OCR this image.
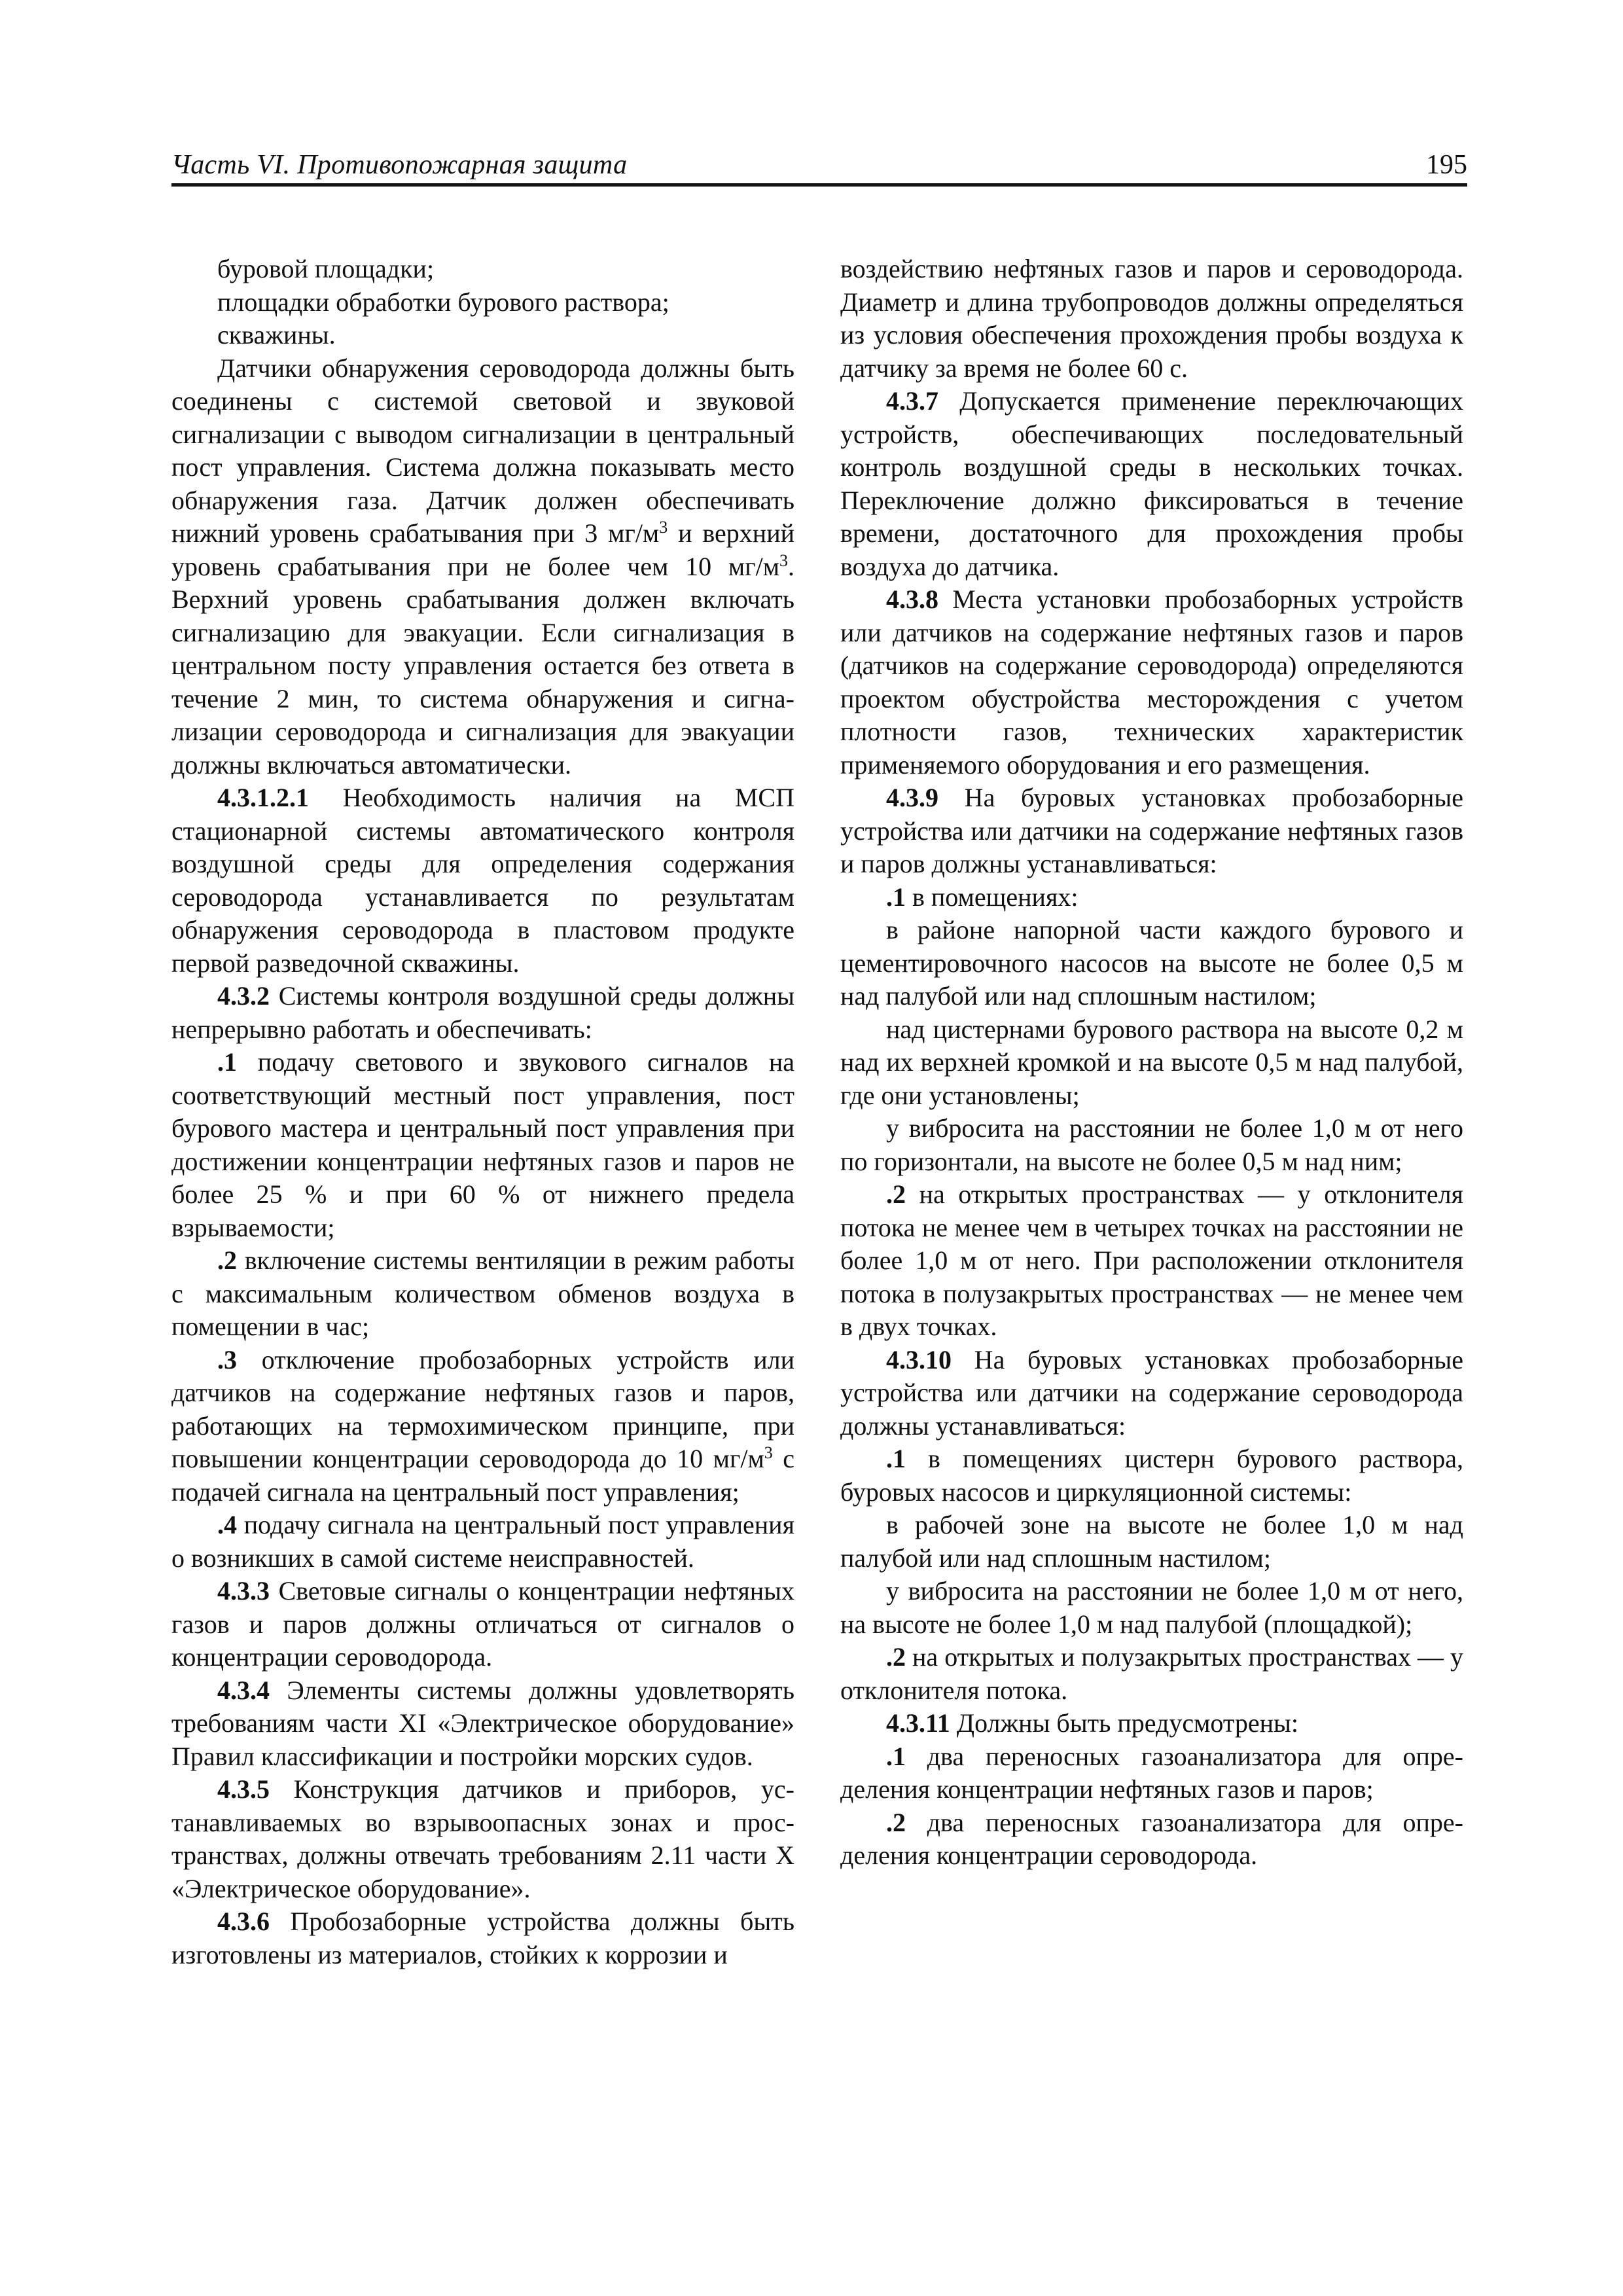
Часть VI. Противопожарная защита	195

буровой площадки;

площадки обработки бурового раствора;

скважины.

Датчики обнаружения сероводорода должны быть соединены с системой световой и звуковой сигнализации с выводом сигнализации в центральный пост управления. Система должна показывать место обнаружения газа. Датчик должен обеспечивать нижний уровень срабатывания при 3 $мг/м^3$ и верхний уровень срабатывания при не более чем 10 $мг/м^3$. Верхний уровень срабатывания должен включать сигнализацию для эвакуации. Если сигнализация в центральном посту управления остается без ответа в течение 2 мин, то система обнаружения и сигнализации сероводорода и сигнализация для эвакуации должны включаться автоматически.

4.3.1.2.1 Необходимость наличия на МСП стационарной системы автоматического контроля воздушной среды для определения содержания сероводорода устанавливается по результатам обнаружения сероводорода в пластовом продукте первой разведочной скважины.

4.3.2 Системы контроля воздушной среды должны непрерывно работать и обеспечивать:

.1 подачу светового и звукового сигналов на соответствующий местный пост управления, пост бурового мастера и центральный пост управления при достижении концентрации нефтяных газов и паров не более 25 % и при 60 % от нижнего предела взрываемости;

.2 включение системы вентиляции в режим работы с максимальным количеством обменов воздуха в помещении в час;

.3 отключение пробозаборных устройств или датчиков на содержание нефтяных газов и паров, работающих на термохимическом принципе, при повышении концентрации сероводорода до 10 $мг/м^3$ с подачей сигнала на центральный пост управления;

.4 подачу сигнала на центральный пост управления о возникших в самой системе неисправностей.

4.3.3 Световые сигналы о концентрации нефтяных газов и паров должны отличаться от сигналов о концентрации сероводорода.

4.3.4 Элементы системы должны удовлетворять требованиям части XI «Электрическое оборудование» Правил классификации и постройки морских судов.

4.3.5 Конструкция датчиков и приборов, устанавливаемых во взрывоопасных зонах и пространствах, должны отвечать требованиям 2.11 части X «Электрическое оборудование».

4.3.6 Пробозаборные устройства должны быть изготовлены из материалов, стойких к коррозии и

воздействию нефтяных газов и паров и сероводорода. Диаметр и длина трубопроводов должны определяться из условия обеспечения прохождения пробы воздуха к датчику за время не более 60 с.

4.3.7 Допускается применение переключающих устройств, обеспечивающих последовательный контроль воздушной среды в нескольких точках. Переключение должно фиксироваться в течение времени, достаточного для прохождения пробы воздуха до датчика.

4.3.8 Места установки пробозаборных устройств или датчиков на содержание нефтяных газов и паров (датчиков на содержание сероводорода) определяются проектом обустройства месторождения с учетом плотности газов, технических характеристик применяемого оборудования и его размещения.

4.3.9 На буровых установках пробозаборные устройства или датчики на содержание нефтяных газов и паров должны устанавливаться:

.1 в помещениях:

в районе напорной части каждого бурового и цементировочного насосов на высоте не более 0,5 м над палубой или над сплошным настилом;

над цистернами бурового раствора на высоте 0,2 м над их верхней кромкой и на высоте 0,5 м над палубой, где они установлены;

у вибросита на расстоянии не более 1,0 м от него по горизонтали, на высоте не более 0,5 м над ним;

.2 на открытых пространствах — у отклонителя потока не менее чем в четырех точках на расстоянии не более 1,0 м от него. При расположении отклонителя потока в полузакрытых пространствах — не менее чем в двух точках.

4.3.10 На буровых установках пробозаборные устройства или датчики на содержание сероводорода должны устанавливаться:

.1 в помещениях цистерн бурового раствора, буровых насосов и циркуляционной системы:

в рабочей зоне на высоте не более 1,0 м над палубой или над сплошным настилом;

у вибросита на расстоянии не более 1,0 м от него, на высоте не более 1,0 м над палубой (площадкой);

.2 на открытых и полузакрытых пространствах — у отклонителя потока.

4.3.11 Должны быть предусмотрены:

.1 два переносных газоанализатора для определения концентрации нефтяных газов и паров;

.2 два переносных газоанализатора для определения концентрации сероводорода.
